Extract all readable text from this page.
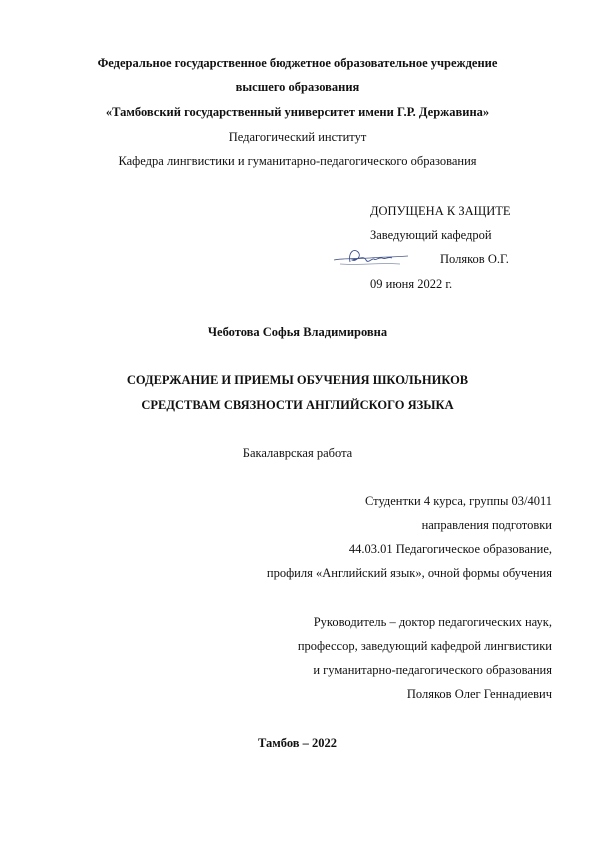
Федеральное государственное бюджетное образовательное учреждение
высшего образования
«Тамбовский государственный университет имени Г.Р. Державина»
Педагогический институт
Кафедра лингвистики и гуманитарно-педагогического образования
ДОПУЩЕНА К ЗАЩИТЕ
Заведующий кафедрой
Поляков О.Г.
09 июня 2022 г.
Чеботова Софья Владимировна
СОДЕРЖАНИЕ И ПРИЕМЫ ОБУЧЕНИЯ ШКОЛЬНИКОВ
СРЕДСТВАМ СВЯЗНОСТИ АНГЛИЙСКОГО ЯЗЫКА
Бакалаврская работа
Студентки 4 курса, группы 03/4011
направления подготовки
44.03.01 Педагогическое образование,
профиля «Английский язык», очной формы обучения
Руководитель – доктор педагогических наук,
профессор, заведующий кафедрой лингвистики
и гуманитарно-педагогического образования
Поляков Олег Геннадиевич
Тамбов – 2022
